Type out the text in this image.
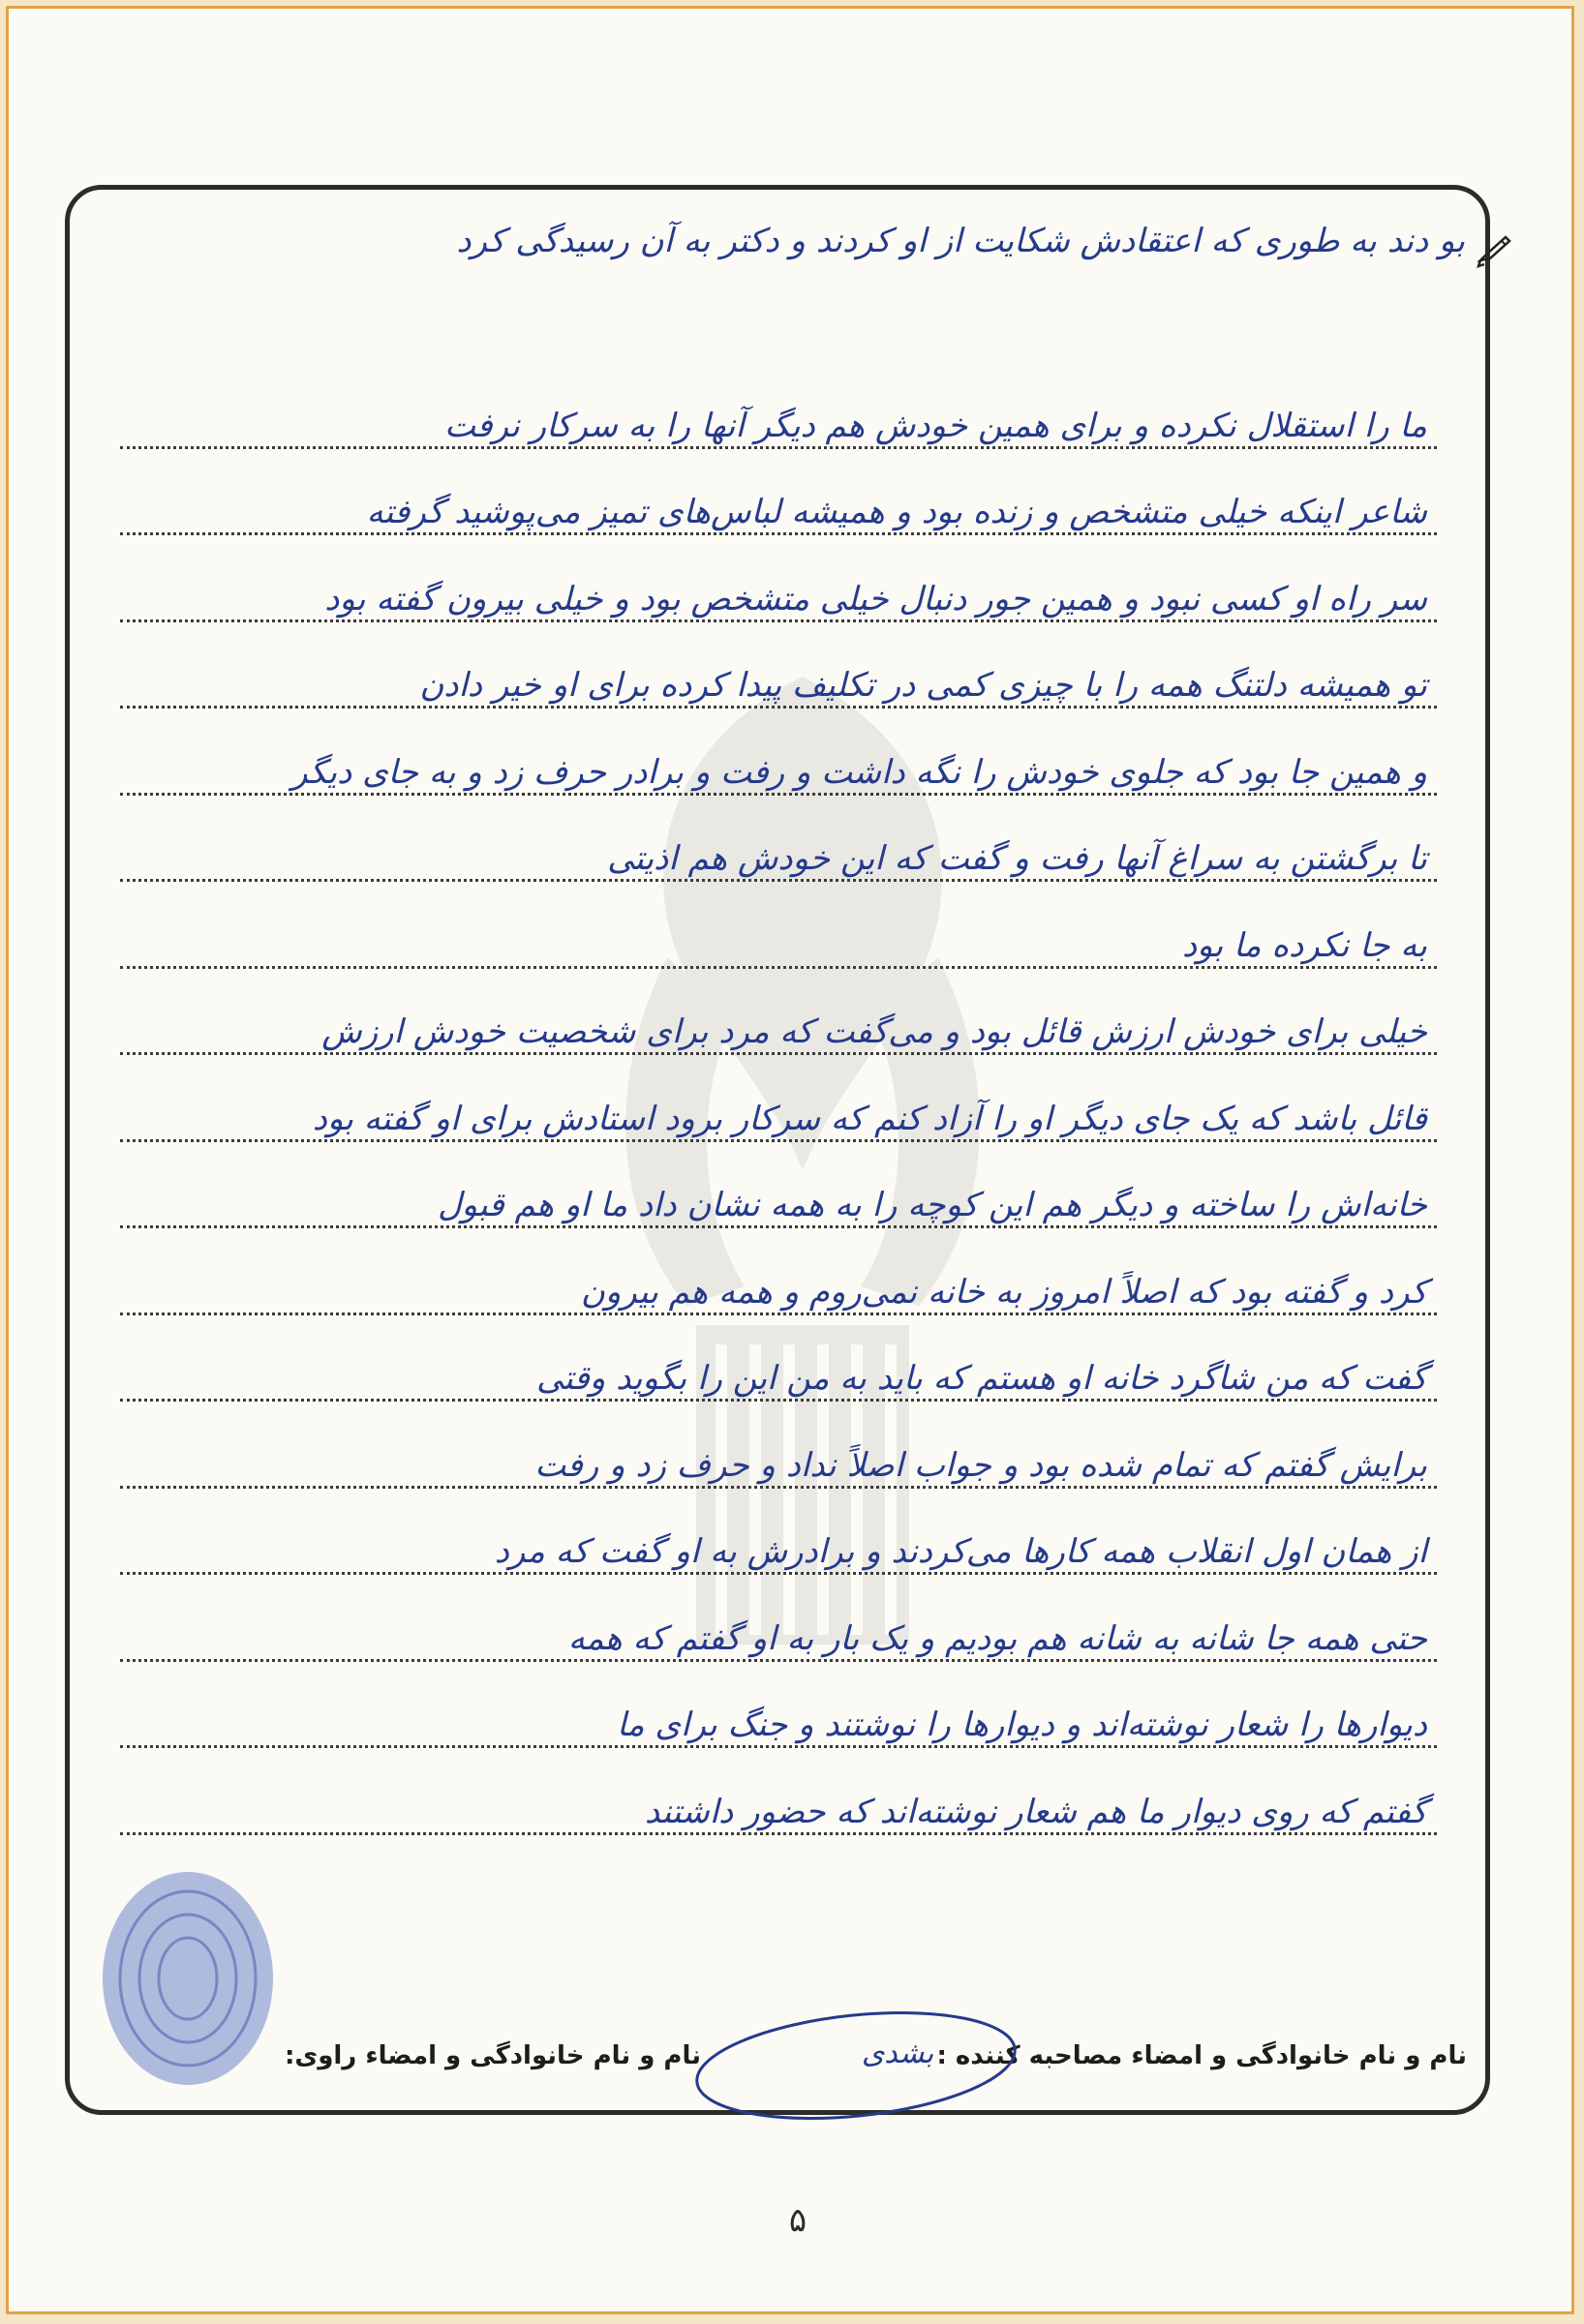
بو دند به طوری که اعتقادش شکایت از او کردند و دکتر به آن رسیدگی کرد
ما را استقلال نکرده و برای همین خودش هم دیگر آنها را به سرکار نرفت
شاعر اینکه خیلی متشخص و زنده بود و همیشه لباس‌های تمیز می‌پوشید گرفته
سر راه او کسی نبود و همین جور دنبال خیلی متشخص بود و خیلی بیرون گفته بود
تو همیشه دلتنگ همه را با چیزی کمی در تکلیف پیدا کرده برای او خیر دادن
و همین جا بود که جلوی خودش را نگه داشت و رفت و برادر حرف زد و به جای دیگر
تا برگشتن به سراغ آنها رفت و گفت که این خودش هم اذیتی
به جا نکرده ما بود
خیلی برای خودش ارزش قائل بود و می‌گفت که مرد برای شخصیت خودش ارزش
قائل باشد که یک جای دیگر او را آزاد کنم که سرکار برود استادش برای او گفته بود
خانه‌اش را ساخته و دیگر هم این کوچه را به همه نشان داد ما او هم قبول
کرد و گفته بود که اصلاً امروز به خانه نمی‌روم و همه هم بیرون
گفت که من شاگرد خانه او هستم که باید به من این را بگوید وقتی
برایش گفتم که تمام شده بود و جواب اصلاً نداد و حرف زد و رفت
از همان اول انقلاب همه کارها می‌کردند و برادرش به او گفت که مرد
حتی همه جا شانه به شانه هم بودیم و یک بار به او گفتم که همه
دیوارها را شعار نوشته‌اند و دیوارها را نوشتند و جنگ برای ما
گفتم که روی دیوار ما هم شعار نوشته‌اند که حضور داشتند
نام و نام خانوادگی و امضاء مصاحبه کننده :
نام و نام خانوادگی و امضاء راوی:	بشدی
۵
